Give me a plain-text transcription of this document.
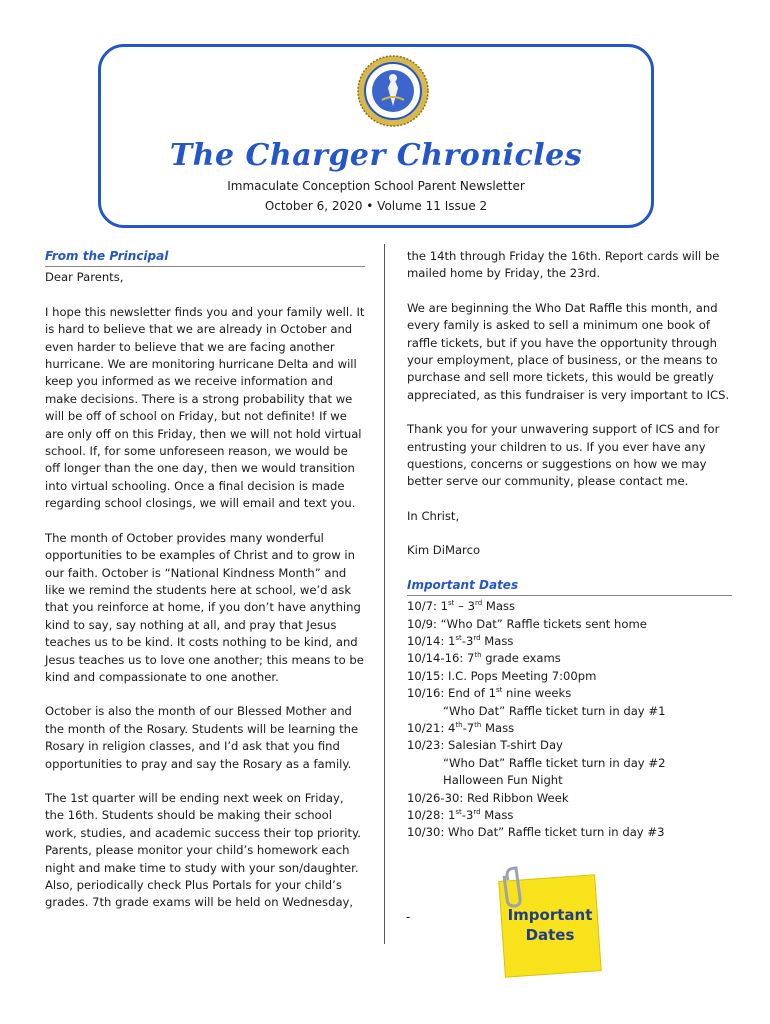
The Charger Chronicles
Immaculate Conception School Parent Newsletter
October 6, 2020 • Volume 11 Issue 2
From the Principal

Dear Parents,

I hope this newsletter finds you and your family well. It is hard to believe that we are already in October and even harder to believe that we are facing another hurricane. We are monitoring hurricane Delta and will keep you informed as we receive information and make decisions. There is a strong probability that we will be off of school on Friday, but not definite! If we are only off on this Friday, then we will not hold virtual school. If, for some unforeseen reason, we would be off longer than the one day, then we would transition into virtual schooling. Once a final decision is made regarding school closings, we will email and text you.

The month of October provides many wonderful opportunities to be examples of Christ and to grow in our faith. October is “National Kindness Month” and like we remind the students here at school, we’d ask that you reinforce at home, if you don’t have anything kind to say, say nothing at all, and pray that Jesus teaches us to be kind. It costs nothing to be kind, and Jesus teaches us to love one another; this means to be kind and compassionate to one another.

October is also the month of our Blessed Mother and the month of the Rosary. Students will be learning the Rosary in religion classes, and I’d ask that you find opportunities to pray and say the Rosary as a family.

The 1st quarter will be ending next week on Friday, the 16th. Students should be making their school work, studies, and academic success their top priority. Parents, please monitor your child’s homework each night and make time to study with your son/daughter. Also, periodically check Plus Portals for your child’s grades. 7th grade exams will be held on Wednesday,

the 14th through Friday the 16th. Report cards will be mailed home by Friday, the 23rd.

We are beginning the Who Dat Raffle this month, and every family is asked to sell a minimum one book of raffle tickets, but if you have the opportunity through your employment, place of business, or the means to purchase and sell more tickets, this would be greatly appreciated, as this fundraiser is very important to ICS.

Thank you for your unwavering support of ICS and for entrusting your children to us. If you ever have any questions, concerns or suggestions on how we may better serve our community, please contact me.

In Christ,

Kim DiMarco

Important Dates
10/7: 1st – 3rd Mass
10/9: “Who Dat” Raffle tickets sent home
10/14: 1st-3rd Mass
10/14-16: 7th grade exams
10/15: I.C. Pops Meeting 7:00pm
10/16: End of 1st nine weeks
“Who Dat” Raffle ticket turn in day #1
10/21: 4th-7th Mass
10/23: Salesian T-shirt Day
“Who Dat” Raffle ticket turn in day #2
Halloween Fun Night
10/26-30: Red Ribbon Week
10/28: 1st-3rd Mass
10/30: Who Dat” Raffle ticket turn in day #3
-	Important
Dates
